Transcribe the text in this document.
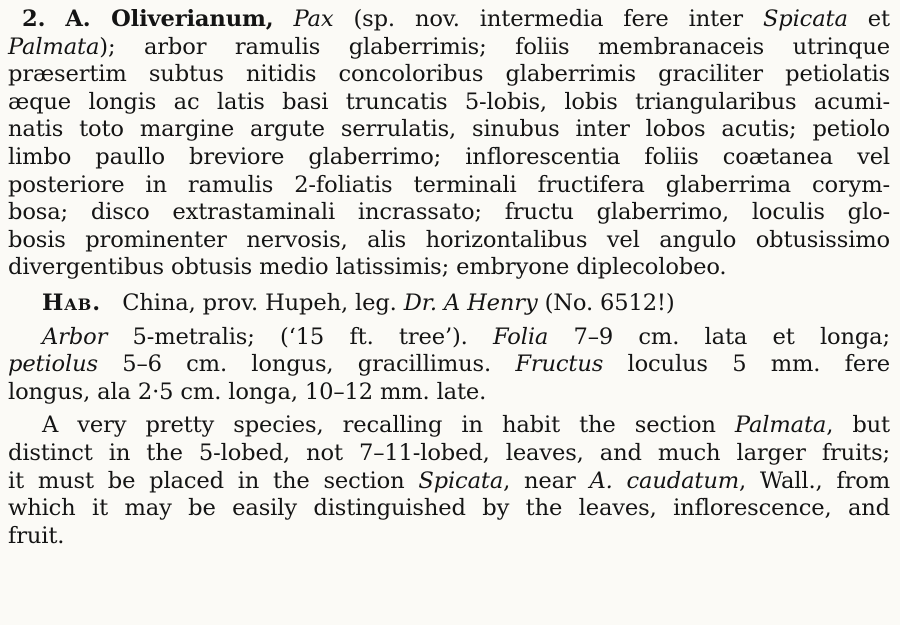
2. A. Oliverianum, Pax (sp. nov. intermedia fere inter Spicata et
Palmata); arbor ramulis glaberrimis; foliis membranaceis utrinque
præsertim subtus nitidis concoloribus glaberrimis graciliter petiolatis
æque longis ac latis basi truncatis 5-lobis, lobis triangularibus acumi-
natis toto margine argute serrulatis, sinubus inter lobos acutis; petiolo
limbo paullo breviore glaberrimo; inflorescentia foliis coætanea vel
posteriore in ramulis 2-foliatis terminali fructifera glaberrima corym-
bosa; disco extrastaminali incrassato; fructu glaberrimo, loculis glo-
bosis prominenter nervosis, alis horizontalibus vel angulo obtusissimo
divergentibus obtusis medio latissimis; embryone diplecolobeo.

Hab. China, prov. Hupeh, leg. Dr. A Henry (No. 6512!)

Arbor 5-metralis; (‘15 ft. tree’). Folia 7–9 cm. lata et longa;
petiolus 5–6 cm. longus, gracillimus. Fructus loculus 5 mm. fere
longus, ala 2·5 cm. longa, 10–12 mm. late.

A very pretty species, recalling in habit the section Palmata, but
distinct in the 5-lobed, not 7–11-lobed, leaves, and much larger fruits;
it must be placed in the section Spicata, near A. caudatum, Wall., from
which it may be easily distinguished by the leaves, inflorescence, and
fruit.
